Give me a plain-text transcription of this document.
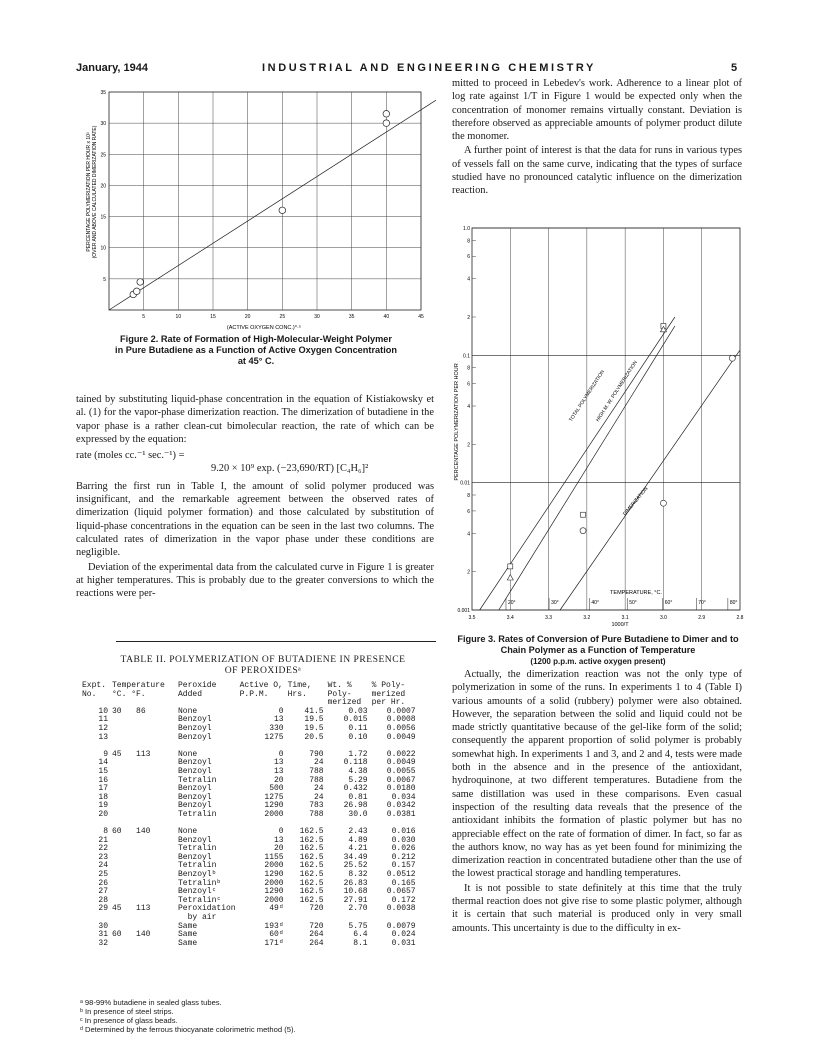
January, 1944	INDUSTRIAL AND ENGINEERING CHEMISTRY	5
5	10	15	20	25	30	35	40	45
5
10
15
20
25
30
35
PERCENTAGE POLYMERIZATION PER HOUR x 10³ (OVER AND ABOVE CALCULATED DIMERIZATION RATE)
(ACTIVE OXYGEN CONC.)⁰·⁵
Figure 2. Rate of Formation of High-Molecular-Weight Polymer
in Pure Butadiene as a Function of Active Oxygen Concentration
at 45° C.

tained by substituting liquid-phase concentration in the equation of Kistiakowsky et al. (1) for the vapor-phase dimerization reaction. The dimerization of butadiene in the vapor phase is a rather clean-cut bimolecular reaction, the rate of which can be expressed by the equation:

rate (moles cc.⁻¹ sec.⁻¹) =
9.20 × 10⁹ exp. (−23,690/RT) [C₄H₆]²

Barring the first run in Table I, the amount of solid polymer produced was insignificant, and the remarkable agreement between the observed rates of dimerization (liquid polymer formation) and those calculated by substitution of liquid-phase concentrations in the equation can be seen in the last two columns. The calculated rates of dimerization in the vapor phase under these conditions are negligible.

Deviation of the experimental data from the calculated curve in Figure 1 is greater at higher temperatures. This is probably due to the greater conversions to which the reactions were per-

TABLE II. POLYMERIZATION OF BUTADIENE IN PRESENCE
OF PEROXIDESᵃ
Expt. No.	Temperature °C. °F.	Peroxide Added	Active O, P.P.M.	Time, Hrs.	Wt. % Poly-merized	% Poly-merized per Hr.
10	30 86	None	0	41.5	0.03	0.0007
11		Benzoyl	13	19.5	0.015	0.0008
12		Benzoyl	330	19.5	0.11	0.0056
13		Benzoyl	1275	20.5	0.10	0.0049

9	45 113	None	0	790	1.72	0.0022
14		Benzoyl	13	24	0.118	0.0049
15		Benzoyl	13	788	4.38	0.0055
16		Tetralin	20	788	5.29	0.0067
17		Benzoyl	500	24	0.432	0.0180
18		Benzoyl	1275	24	0.81	0.034
19		Benzoyl	1290	783	26.98	0.0342
20		Tetralin	2000	788	30.0	0.0381

8	60 140	None	0	162.5	2.43	0.016
21		Benzoyl	13	162.5	4.89	0.030
22		Tetralin	20	162.5	4.21	0.026
23		Benzoyl	1155	162.5	34.49	0.212
24		Tetralin	2000	162.5	25.52	0.157
25		Benzoylᵇ	1290	162.5	8.32	0.0512
26		Tetralinᵇ	2000	162.5	26.83	0.165
27		Benzoylᶜ	1290	162.5	10.68	0.0657
28		Tetralinᶜ	2000	162.5	27.91	0.172
29	45 113	Peroxidation	49ᵈ	720	2.70	0.0038
		by air				
30		Same	193ᵈ	720	5.75	0.0079
31	60 140	Same	60ᵈ	264	6.4	0.024
32		Same	171ᵈ	264	8.1	0.031
ᵃ 98-99% butadiene in sealed glass tubes.
ᵇ In presence of steel strips.
ᶜ In presence of glass beads.
ᵈ Determined by the ferrous thiocyanate colorimetric method (5).

mitted to proceed in Lebedev's work. Adherence to a linear plot of log rate against 1/T in Figure 1 would be expected only when the concentration of monomer remains virtually constant. Deviation is therefore observed as appreciable amounts of polymer product dilute the monomer.

A further point of interest is that the data for runs in various types of vessels fall on the same curve, indicating that the types of surface studied have no pronounced catalytic influence on the dimerization reaction.

1.0
8
6
4
2
0.1
8
6
4
2
0.01
8
6
4
2
0.001
3.5	3.4	3.3	3.2	3.1	3.0	2.9	2.8
20°	30°	40°	50°	60°	70°	80°
TOTAL POLYMERIZATION
HIGH M. W. POLYMERIZATION
DIMERIZATION
PERCENTAGE POLYMERIZATION PER HOUR
TEMPERATURE, °C.
1000/T
Figure 3. Rates of Conversion of Pure Butadiene to Dimer and to
Chain Polymer as a Function of Temperature
(1200 p.p.m. active oxygen present)

Actually, the dimerization reaction was not the only type of polymerization in some of the runs. In experiments 1 to 4 (Table I) various amounts of a solid (rubbery) polymer were also obtained. However, the separation between the solid and liquid could not be made strictly quantitative because of the gel-like form of the solid; consequently the apparent proportion of solid polymer is probably somewhat high. In experiments 1 and 3, and 2 and 4, tests were made both in the absence and in the presence of the antioxidant, hydroquinone, at two different temperatures. Butadiene from the same distillation was used in these comparisons. Even casual inspection of the resulting data reveals that the presence of the antioxidant inhibits the formation of plastic polymer but has no appreciable effect on the rate of formation of dimer. In fact, so far as the authors know, no way has as yet been found for minimizing the dimerization reaction in concentrated butadiene other than the use of the lowest practical storage and handling temperatures.

It is not possible to state definitely at this time that the truly thermal reaction does not give rise to some plastic polymer, although it is certain that such material is produced only in very small amounts. This uncertainty is due to the difficulty in ex-
